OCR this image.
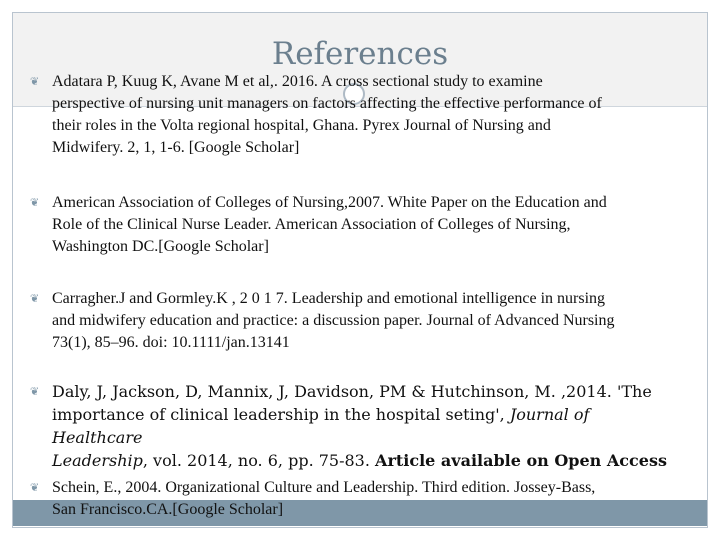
References
❦ Adatara P, Kuug K, Avane M et al,. 2016. A cross sectional study to examine
perspective of nursing unit managers on factors affecting the effective performance of
their roles in the Volta regional hospital, Ghana. Pyrex Journal of Nursing and
Midwifery. 2, 1, 1-6. [Google Scholar]

❦ American Association of Colleges of Nursing,2007. White Paper on the Education and
Role of the Clinical Nurse Leader. American Association of Colleges of Nursing,
Washington DC.[Google Scholar]

❦ Carragher.J and Gormley.K , 2 0 1 7. Leadership and emotional intelligence in nursing
and midwifery education and practice: a discussion paper. Journal of Advanced Nursing
73(1), 85–96. doi: 10.1111/jan.13141

❦ Daly, J, Jackson, D, Mannix, J, Davidson, PM & Hutchinson, M. ,2014. 'The
importance of clinical leadership in the hospital seting', Journal of Healthcare
Leadership, vol. 2014, no. 6, pp. 75-83. Article available on Open Access

❦ Schein, E., 2004. Organizational Culture and Leadership. Third edition. Jossey-Bass,
San Francisco.CA.[Google Scholar]
